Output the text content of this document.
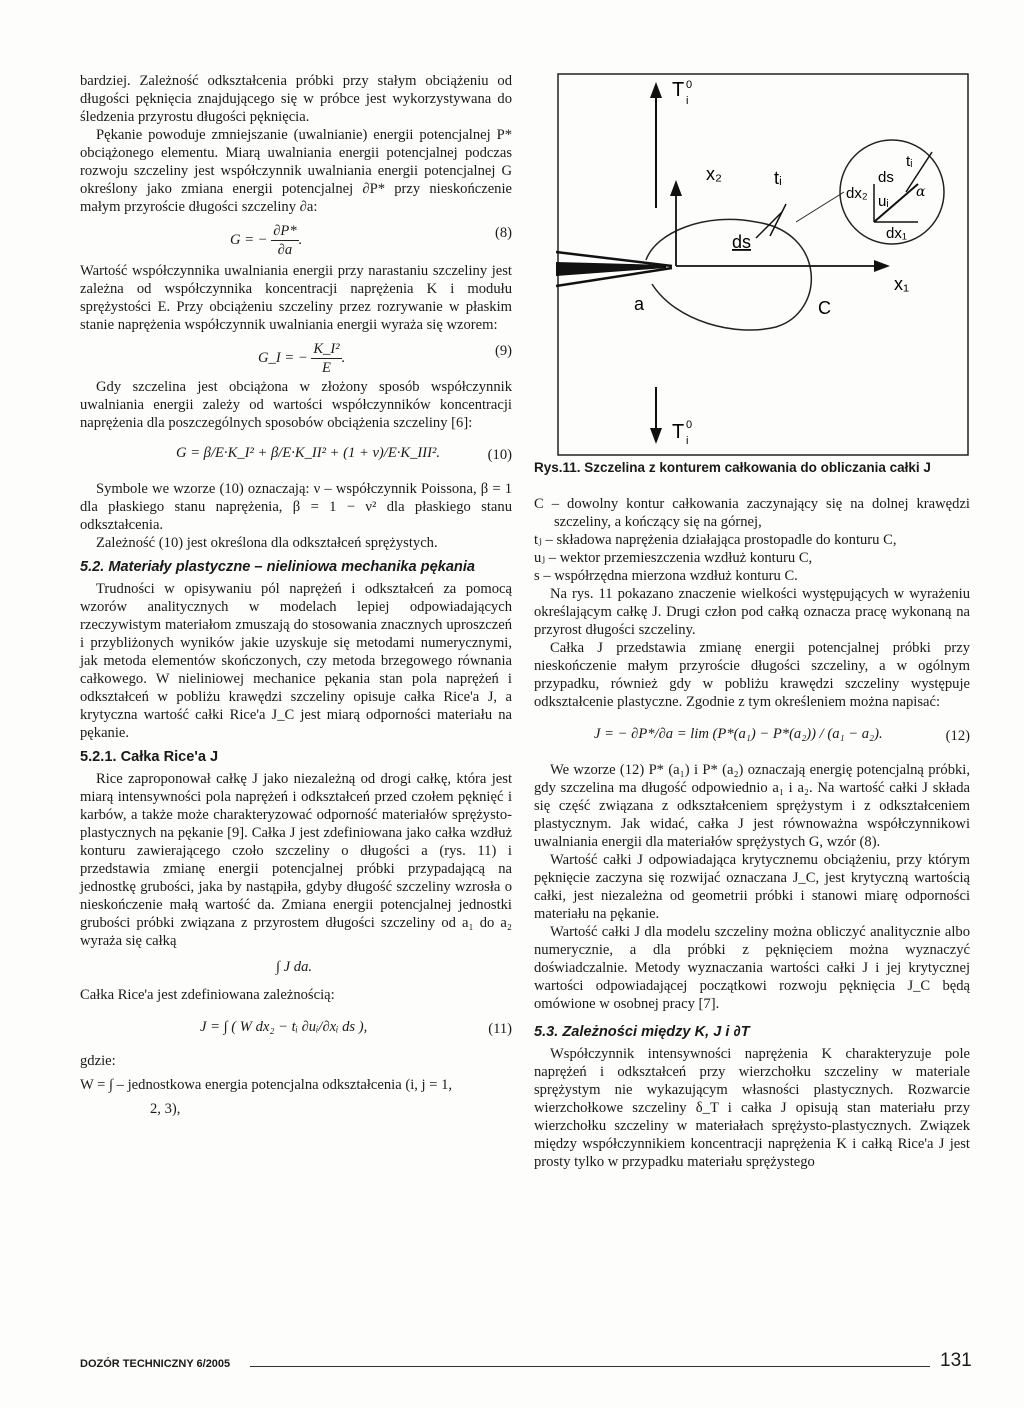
bardziej. Zależność odkształcenia próbki przy stałym obciążeniu od długości pęknięcia znajdującego się w próbce jest wykorzystywana do śledzenia przyrostu długości pęknięcia.

Pękanie powoduje zmniejszanie (uwalnianie) energii potencjalnej P* obciążonego elementu. Miarą uwalniania energii potencjalnej podczas rozwoju szczeliny jest współczynnik uwalniania energii potencjalnej G określony jako zmiana energii potencjalnej ∂P* przy nieskończenie małym przyroście długości szczeliny ∂a:

G = − $\frac{\partial P*}{\partial a}$ .	(8)

Wartość współczynnika uwalniania energii przy narastaniu szczeliny jest zależna od współczynnika koncentracji naprężenia K i modułu sprężystości E. Przy obciążeniu szczeliny przez rozrywanie w płaskim stanie naprężenia współczynnik uwalniania energii wyraża się wzorem:

G_I = − $\frac{\text{K\_I²}}{E}$ .	(9)

Gdy szczelina jest obciążona w złożony sposób współczynnik uwalniania energii zależy od wartości współczynników koncentracji naprężenia dla poszczególnych sposobów obciążenia szczeliny [6]:

G = β/E·K_I² + β/E·K_II² + (1 + ν)/E·K_III².	(10)

Symbole we wzorze (10) oznaczają: ν – współczynnik Poissona, β = 1 dla płaskiego stanu naprężenia, β = 1 − ν² dla płaskiego stanu odkształcenia.

Zależność (10) jest określona dla odkształceń sprężystych.

5.2. Materiały plastyczne – nieliniowa mechanika pękania

Trudności w opisywaniu pól naprężeń i odkształceń za pomocą wzorów analitycznych w modelach lepiej odpowiadających rzeczywistym materiałom zmuszają do stosowania znacznych uproszczeń i przybliżonych wyników jakie uzyskuje się metodami numerycznymi, jak metoda elementów skończonych, czy metoda brzegowego równania całkowego. W nieliniowej mechanice pękania stan pola naprężeń i odkształceń w pobliżu krawędzi szczeliny opisuje całka Rice'a J, a krytyczna wartość całki Rice'a J_C jest miarą odporności materiału na pękanie.

5.2.1. Całka Rice'a J

Rice zaproponował całkę J jako niezależną od drogi całkę, która jest miarą intensywności pola naprężeń i odkształceń przed czołem pęknięć i karbów, a także może charakteryzować odporność materiałów sprężysto-plastycznych na pękanie [9]. Całka J jest zdefiniowana jako całka wzdłuż konturu zawierającego czoło szczeliny o długości a (rys. 11) i przedstawia zmianę energii potencjalnej próbki przypadającą na jednostkę grubości, jaka by nastąpiła, gdyby długość szczeliny wzrosła o nieskończenie małą wartość da. Zmiana energii potencjalnej jednostki grubości próbki związana z przyrostem długości szczeliny od a₁ do a₂ wyraża się całką

∫ J da.

Całka Rice'a jest zdefiniowana zależnością:

J = ∫ ( W dx₂ − tᵢ ∂uᵢ/∂xᵢ ds ),	(11)

gdzie:

W = ∫ – jednostkowa energia potencjalna odkształcenia (i, j = 1,

2, 3),

T 0
i
T 0
i
x₂
x₁
ds
tᵢ
a	C
ds
tᵢ
dx₂ uᵢ
dx₁
α
Rys.11. Szczelina z konturem całkowania do obliczania całki J

C – dowolny kontur całkowania zaczynający się na dolnej krawędzi szczeliny, a kończący się na górnej,

tⱼ – składowa naprężenia działająca prostopadle do konturu C,

uⱼ – wektor przemieszczenia wzdłuż konturu C,

s – współrzędna mierzona wzdłuż konturu C.

Na rys. 11 pokazano znaczenie wielkości występujących w wyrażeniu określającym całkę J. Drugi człon pod całką oznacza pracę wykonaną na przyrost długości szczeliny.

Całka J przedstawia zmianę energii potencjalnej próbki przy nieskończenie małym przyroście długości szczeliny, a w ogólnym przypadku, również gdy w pobliżu krawędzi szczeliny występuje odkształcenie plastyczne. Zgodnie z tym określeniem można napisać:

J = − ∂P*/∂a = lim (P*(a₁) − P*(a₂)) / (a₁ − a₂).	(12)

We wzorze (12) P* (a₁) i P* (a₂) oznaczają energię potencjalną próbki, gdy szczelina ma długość odpowiednio a₁ i a₂. Na wartość całki J składa się część związana z odkształceniem sprężystym i z odkształceniem plastycznym. Jak widać, całka J jest równoważna współczynnikowi uwalniania energii dla materiałów sprężystych G, wzór (8).

Wartość całki J odpowiadająca krytycznemu obciążeniu, przy którym pęknięcie zaczyna się rozwijać oznaczana J_C, jest krytyczną wartością całki, jest niezależna od geometrii próbki i stanowi miarę odporności materiału na pękanie.

Wartość całki J dla modelu szczeliny można obliczyć analitycznie albo numerycznie, a dla próbki z pęknięciem można wyznaczyć doświadczalnie. Metody wyznaczania wartości całki J i jej krytycznej wartości odpowiadającej początkowi rozwoju pęknięcia J_C będą omówione w osobnej pracy [7].

5.3. Zależności między K, J i ∂T

Współczynnik intensywności naprężenia K charakteryzuje pole naprężeń i odkształceń przy wierzchołku szczeliny w materiale sprężystym nie wykazującym własności plastycznych. Rozwarcie wierzchołkowe szczeliny δ_T i całka J opisują stan materiału przy wierzchołku szczeliny w materiałach sprężysto-plastycznych. Związek między współczynnikiem koncentracji naprężenia K i całką Rice'a J jest prosty tylko w przypadku materiału sprężystego

DOZÓR TECHNICZNY 6/2005	131
